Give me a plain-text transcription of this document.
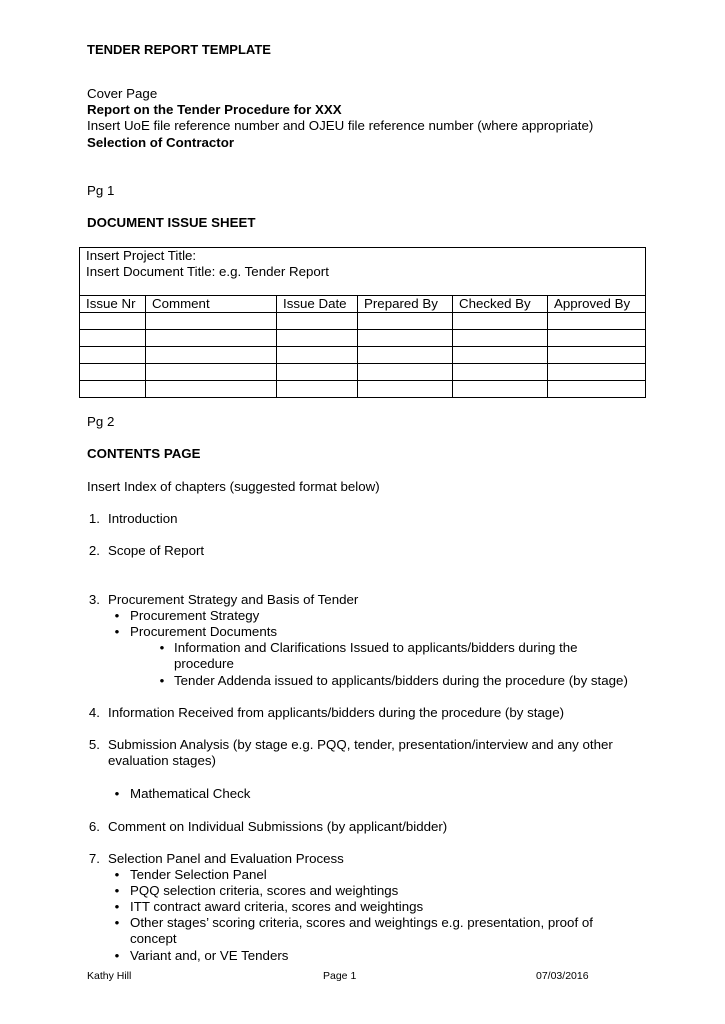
TENDER REPORT TEMPLATE
Cover Page
Report on the Tender Procedure for XXX
Insert UoE file reference number and OJEU file reference number (where appropriate)
Selection of Contractor
Pg 1
DOCUMENT ISSUE SHEET
Insert Project Title:
Insert Document Title: e.g. Tender Report					

Issue Nr	Comment	Issue Date	Prepared By	Checked By	Approved By

Pg 2
CONTENTS PAGE
Insert Index of chapters (suggested format below)
1. Introduction
2. Scope of Report
3. Procurement Strategy and Basis of Tender
• Procurement Strategy
• Procurement Documents
• Information and Clarifications Issued to applicants/bidders during the
procedure
• Tender Addenda issued to applicants/bidders during the procedure (by stage)
4. Information Received from applicants/bidders during the procedure (by stage)
5. Submission Analysis (by stage e.g. PQQ, tender, presentation/interview and any other
evaluation stages)
• Mathematical Check
6. Comment on Individual Submissions (by applicant/bidder)
7. Selection Panel and Evaluation Process
• Tender Selection Panel
• PQQ selection criteria, scores and weightings
• ITT contract award criteria, scores and weightings
• Other stages’ scoring criteria, scores and weightings e.g. presentation, proof of
concept
• Variant and, or VE Tenders
Kathy Hill	Page 1	07/03/2016
